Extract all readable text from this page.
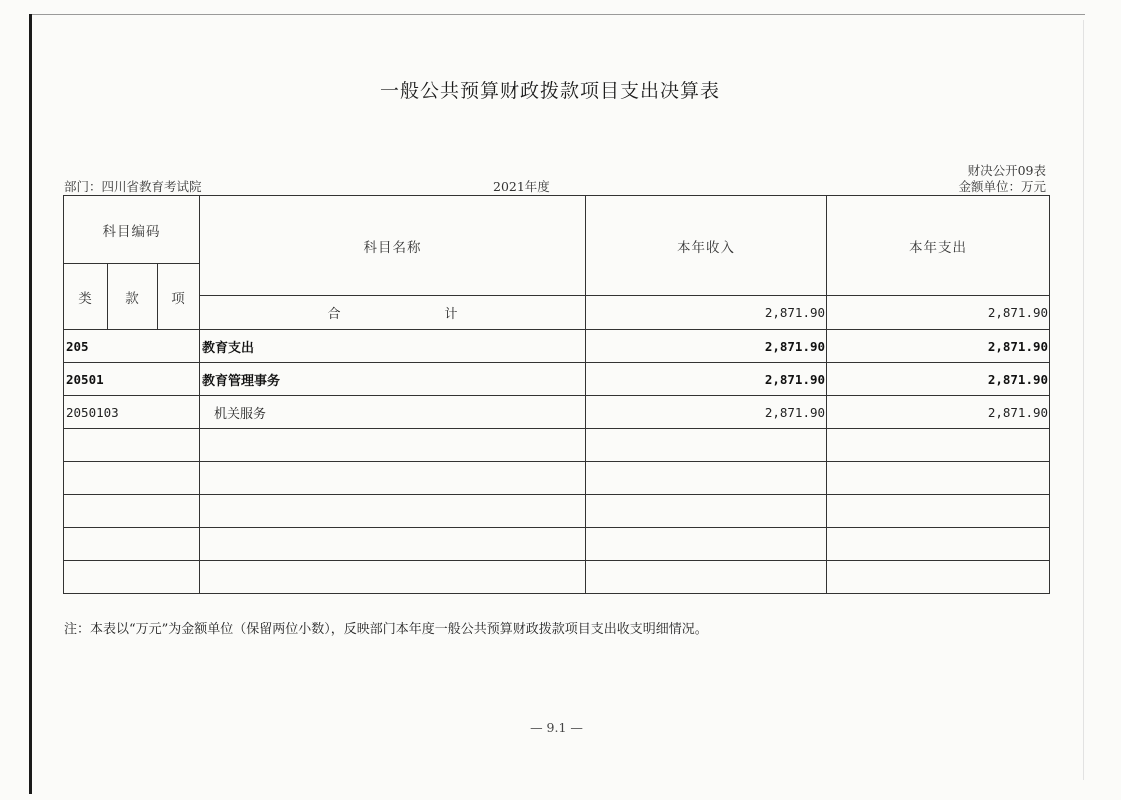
一般公共预算财政拨款项目支出决算表
部门：四川省教育考试院	2021年度
财决公开09表
金额单位：万元
科目编码			科目名称	本年收入	本年支出
类	款	项			
			合计	2,871.90	2,871.90
205			教育支出	2,871.90	2,871.90
20501			教育管理事务	2,871.90	2,871.90
2050103			机关服务	2,871.90	2,871.90

注：本表以“万元”为金额单位（保留两位小数），反映部门本年度一般公共预算财政拨款项目支出收支明细情况。
— 9.1 —
